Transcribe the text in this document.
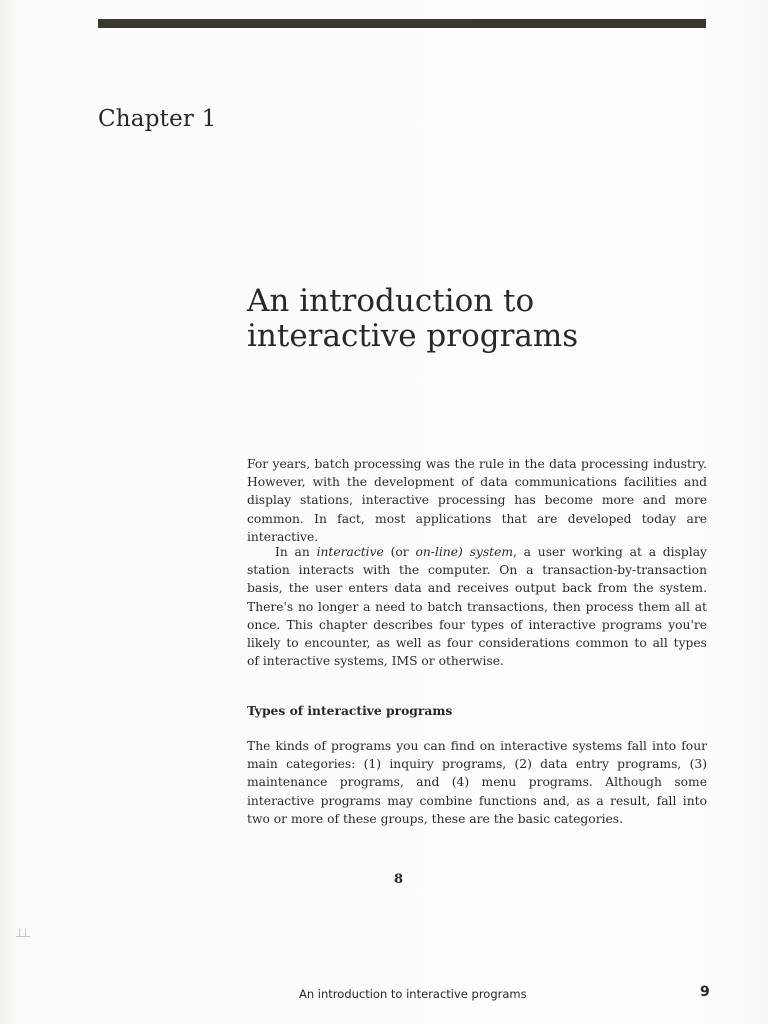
Chapter 1
An introduction to
interactive programs
For years, batch processing was the rule in the data processing industry.
However, with the development of data communications facilities and
display stations, interactive processing has become more and more
common. In fact, most applications that are developed today are
interactive.
In an interactive (or on-line) system, a user working at a display
station interacts with the computer. On a transaction-by-transaction
basis, the user enters data and receives output back from the system.
There's no longer a need to batch transactions, then process them all at
once. This chapter describes four types of interactive programs you're
likely to encounter, as well as four considerations common to all types
of interactive systems, IMS or otherwise.
Types of interactive programs
The kinds of programs you can find on interactive systems fall into four
main categories: (1) inquiry programs, (2) data entry programs, (3)
maintenance programs, and (4) menu programs. Although some
interactive programs may combine functions and, as a result, fall into
two or more of these groups, these are the basic categories.
8
An introduction to interactive programs	9
